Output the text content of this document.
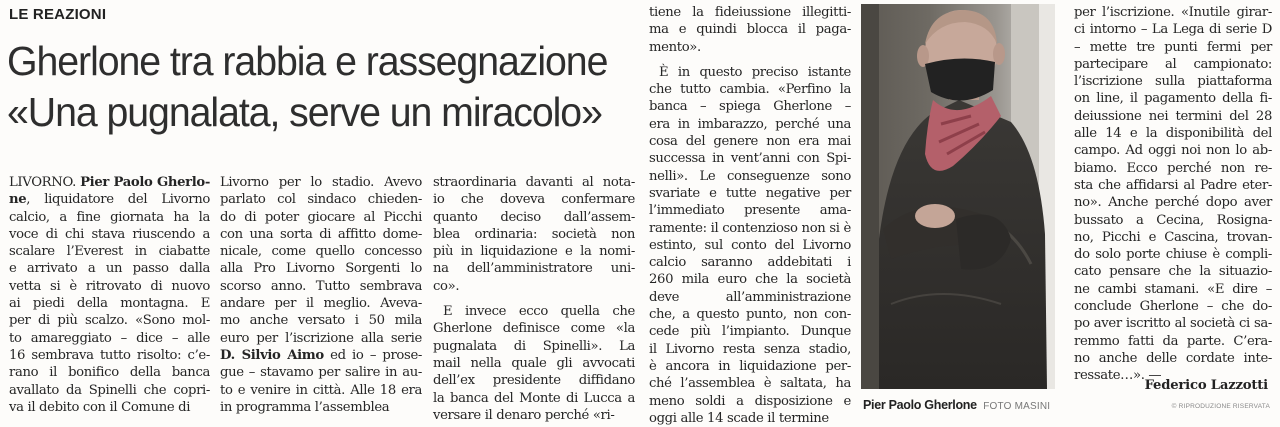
LE REAZIONI
Gherlone tra rabbia e rassegnazione
«Una pugnalata, serve un miracolo»
LIVORNO. Pier Paolo Gherlo-
ne, liquidatore del Livorno
calcio, a fine giornata ha la
voce di chi stava riuscendo a
scalare l’Everest in ciabatte
e arrivato a un passo dalla
vetta si è ritrovato di nuovo
ai piedi della montagna. E
per di più scalzo. «Sono mol-
to amareggiato – dice – alle
16 sembrava tutto risolto: c’e-
rano il bonifico della banca
avallato da Spinelli che copri-
va il debito con il Comune di
Livorno per lo stadio. Avevo
parlato col sindaco chieden-
do di poter giocare al Picchi
con una sorta di affitto dome-
nicale, come quello concesso
alla Pro Livorno Sorgenti lo
scorso anno. Tutto sembrava
andare per il meglio. Aveva-
mo anche versato i 50 mila
euro per l’iscrizione alla serie
D. Silvio Aimo ed io – prose-
gue – stavamo per salire in au-
to e venire in città. Alle 18 era
in programma l’assemblea
straordinaria davanti al nota-
io che doveva confermare
quanto deciso dall’assem-
blea ordinaria: società non
più in liquidazione e la nomi-
na dell’amministratore uni-
co».
E invece ecco quella che
Gherlone definisce come «la
pugnalata di Spinelli». La
mail nella quale gli avvocati
dell’ex presidente diffidano
la banca del Monte di Lucca a
versare il denaro perché «ri-
tiene la fideiussione illegitti-
ma e quindi blocca il paga-
mento».
È in questo preciso istante
che tutto cambia. «Perfino la
banca – spiega Gherlone –
era in imbarazzo, perché una
cosa del genere non era mai
successa in vent’anni con Spi-
nelli». Le conseguenze sono
svariate e tutte negative per
l’immediato presente ama-
ramente: il contenzioso non si è
estinto, sul conto del Livorno
calcio saranno addebitati i
260 mila euro che la società
deve all’amministrazione
che, a questo punto, non con-
cede più l’impianto. Dunque
il Livorno resta senza stadio,
è ancora in liquidazione per-
ché l’assemblea è saltata, ha
meno soldi a disposizione e
oggi alle 14 scade il termine
per l’iscrizione. «Inutile girar-
ci intorno – La Lega di serie D
– mette tre punti fermi per
partecipare al campionato:
l’iscrizione sulla piattaforma
on line, il pagamento della fi-
deiussione nei termini del 28
alle 14 e la disponibilità del
campo. Ad oggi noi non lo ab-
biamo. Ecco perché non re-
sta che affidarsi al Padre eter-
no». Anche perché dopo aver
bussato a Cecina, Rosigna-
no, Picchi e Cascina, trovan-
do solo porte chiuse è compli-
cato pensare che la situazio-
ne cambi stamani. «E dire –
conclude Gherlone – che do-
po aver iscritto al società ci sa-
remmo fatti da parte. C’era-
no anche delle cordate inte-
ressate…». —
Pier Paolo Gherlone FOTO MASINI
Federico Lazzotti
© RIPRODUZIONE RISERVATA
